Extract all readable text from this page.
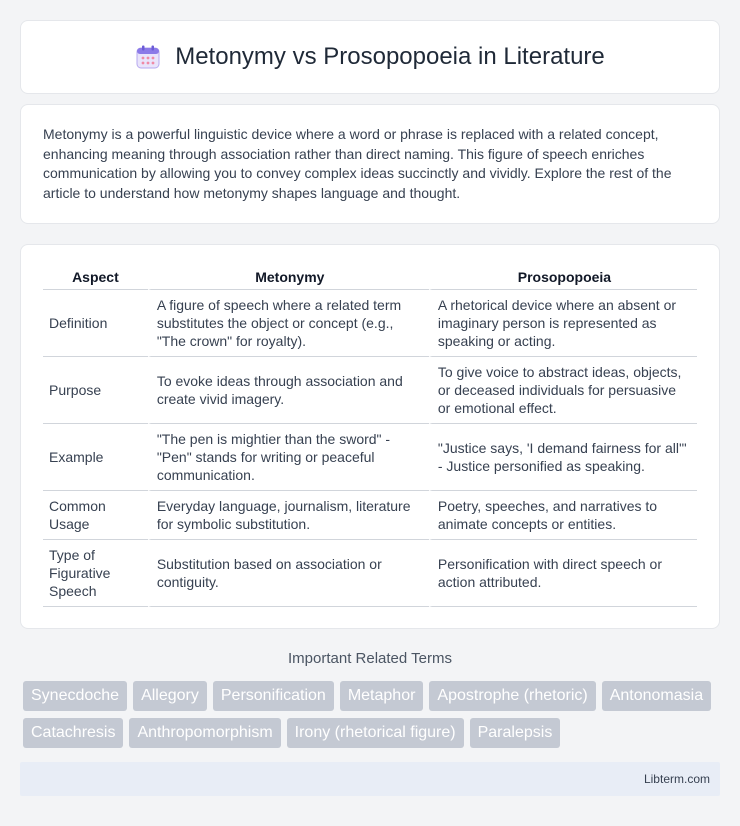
Metonymy vs Prosopopoeia in Literature

Metonymy is a powerful linguistic device where a word or phrase is replaced with a related concept, enhancing meaning through association rather than direct naming. This figure of speech enriches communication by allowing you to convey complex ideas succinctly and vividly. Explore the rest of the article to understand how metonymy shapes language and thought.

Aspect	Metonymy	Prosopopoeia
Definition	A figure of speech where a related term substitutes the object or concept (e.g., "The crown" for royalty).	A rhetorical device where an absent or imaginary person is represented as speaking or acting.
Purpose	To evoke ideas through association and create vivid imagery.	To give voice to abstract ideas, objects, or deceased individuals for persuasive or emotional effect.
Example	"The pen is mightier than the sword" - "Pen" stands for writing or peaceful communication.	"Justice says, 'I demand fairness for all'" - Justice personified as speaking.
Common Usage	Everyday language, journalism, literature for symbolic substitution.	Poetry, speeches, and narratives to animate concepts or entities.
Type of Figurative Speech	Substitution based on association or contiguity.	Personification with direct speech or action attributed.
Important Related Terms
Synecdoche	Allegory	Personification	Metaphor	Apostrophe (rhetoric)	Antonomasia
Catachresis	Anthropomorphism	Irony (rhetorical figure)	Paralepsis
Libterm.com
